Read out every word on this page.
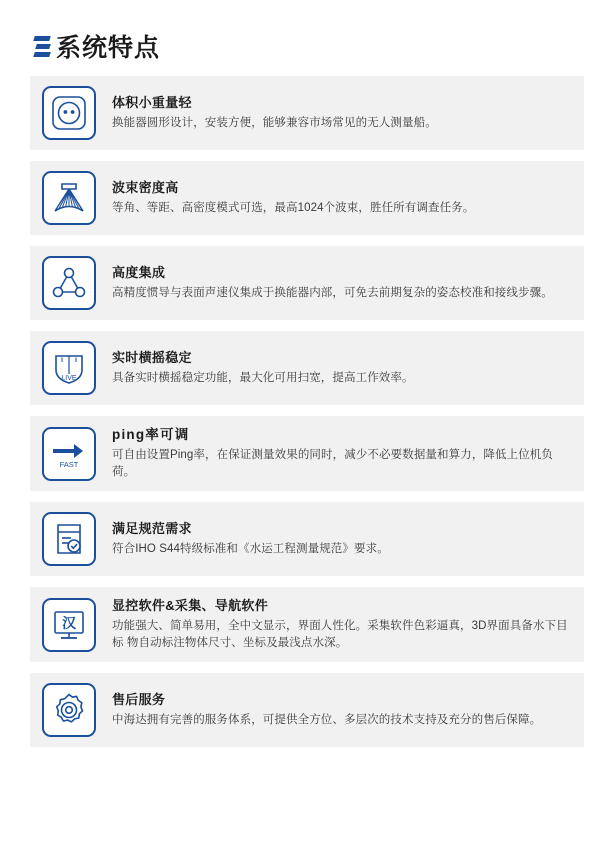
系统特点
体积小重量轻
换能器圆形设计，安装方便，能够兼容市场常见的无人测量船。
波束密度高
等角、等距、高密度模式可选，最高1024个波束，胜任所有调查任务。
高度集成
高精度惯导与表面声速仪集成于换能器内部，可免去前期复杂的姿态校准和接线步骤。
LIVE
实时横摇稳定
具备实时横摇稳定功能，最大化可用扫宽，提高工作效率。
FAST
ping率可调
可自由设置Ping率，在保证测量效果的同时，减少不必要数据量和算力，降低上位机负荷。
满足规范需求
符合IHO S44特级标准和《水运工程测量规范》要求。
汉
显控软件&采集、导航软件
功能强大、简单易用，全中文显示，界面人性化。采集软件色彩逼真，3D界面具备水下目标 物自动标注物体尺寸、坐标及最浅点水深。
售后服务
中海达拥有完善的服务体系，可提供全方位、多层次的技术支持及充分的售后保障。
